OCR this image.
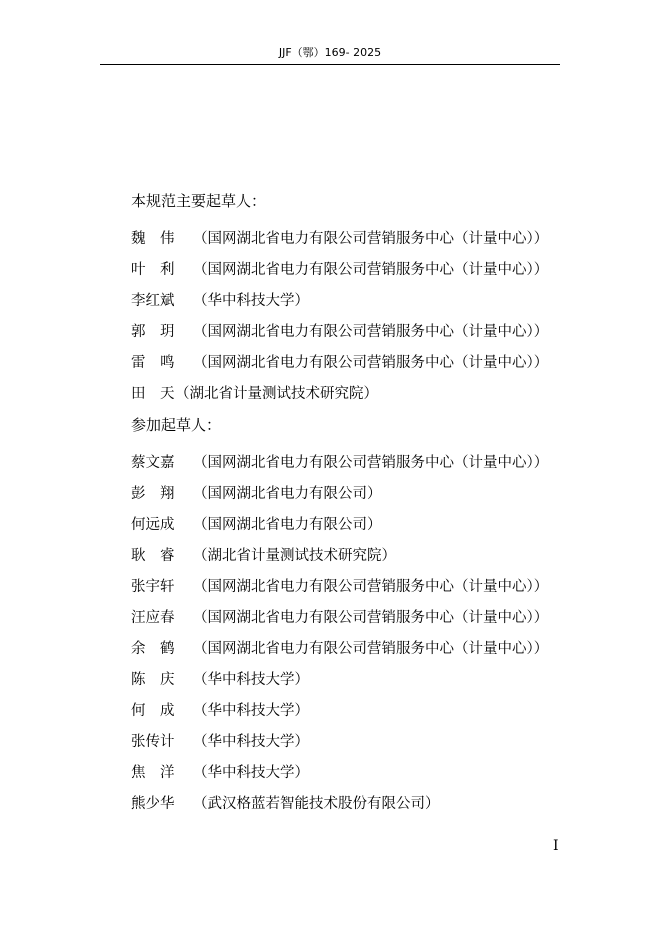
JJF（鄂）169- 2025
本规范主要起草人：
魏　伟	（国网湖北省电力有限公司营销服务中心（计量中心））
叶　利	（国网湖北省电力有限公司营销服务中心（计量中心））
李红斌	（华中科技大学）
郭　玥	（国网湖北省电力有限公司营销服务中心（计量中心））
雷　鸣	（国网湖北省电力有限公司营销服务中心（计量中心））
田　天 （湖北省计量测试技术研究院）
参加起草人：
蔡文嘉	（国网湖北省电力有限公司营销服务中心（计量中心））
彭　翔	（国网湖北省电力有限公司）
何远成	（国网湖北省电力有限公司）
耿　睿	（湖北省计量测试技术研究院）
张宇轩	（国网湖北省电力有限公司营销服务中心（计量中心））
汪应春	（国网湖北省电力有限公司营销服务中心（计量中心））
余　鹤	（国网湖北省电力有限公司营销服务中心（计量中心））
陈　庆	（华中科技大学）
何　成	（华中科技大学）
张传计	（华中科技大学）
焦　洋	（华中科技大学）
熊少华	（武汉格蓝若智能技术股份有限公司）
I
